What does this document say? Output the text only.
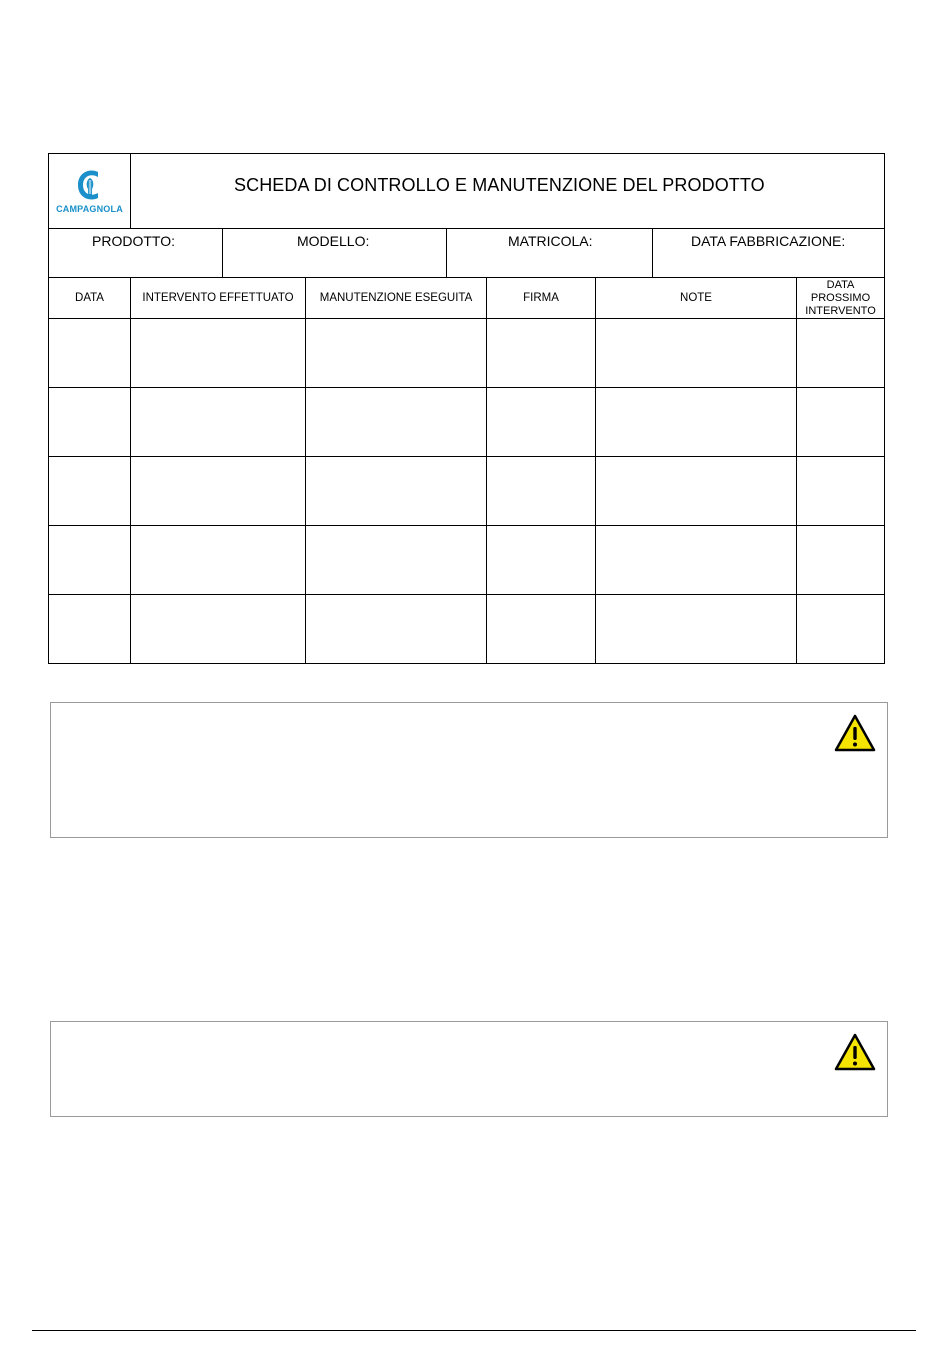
CAMPAGNOLA	SCHEDA DI CONTROLLO E MANUTENZIONE DEL PRODOTTO							

PRODOTTO:		MODELLO:		MATRICOLA:			DATA FABBRICAZIONE:	

DATA	INTERVENTO EFFETTUATO		MANUTENZIONE ESEGUITA		FIRMA	NOTE		DATA
PROSSIMO
INTERVENTO
